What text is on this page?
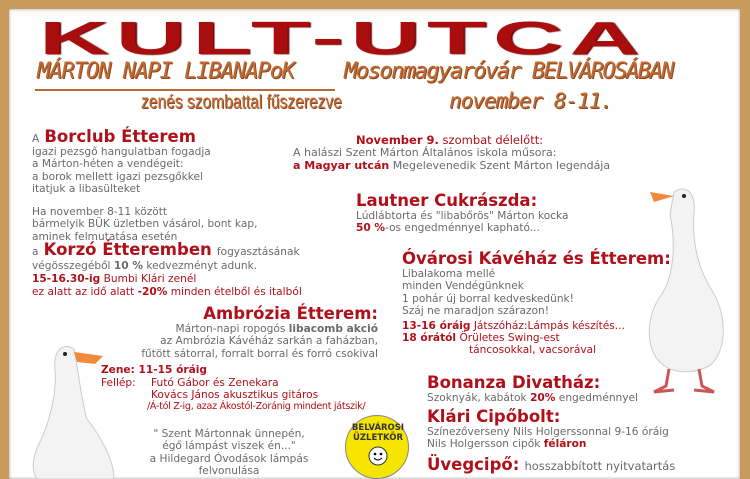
KULT-UTCA
MÁRTON NAPI LIBANAPoK Mosonmagyaróvár BELVÁROSÁBAN
zenés szombattal fűszerezve	november 8-11.
A Borclub Étterem
igazi pezsgő hangulatban fogadja
a Márton-héten a vendégeit:
a borok mellett igazi pezsgőkkel
itatjuk a libasülteket
Ha november 8-11 között
bármelyik BÜK üzletben vásárol, bont kap,
aminek felmutatása esetén
a Korzó Étteremben fogyasztásának
végösszegéből 10 % kedvezményt adunk.
15-16.30-ig Bumbi Klári zenél
ez alatt az idő alatt -20% minden ételből és italból
Ambrózia Étterem:
Márton-napi ropogós libacomb akció
az Ambrózia Kávéház sarkán a faházban,
fűtött sátorral, forralt borral és forró csokival
Zene: 11-15 óráig
Fellép: Futó Gábor és Zenekara
Kovács János akusztikus gitáros
/Á-tól Z-ig, azaz Ákostól-Zoránig mindent játszik/
" Szent Mártonnak ünnepén,
égő lámpást viszek én..."
a Hildegard Óvodások lámpás
felvonulása
November 9. szombat délelőtt:
A halászi Szent Márton Általános iskola műsora:
a Magyar utcán Megelevenedik Szent Márton legendája
Lautner Cukrászda:
Lúdlábtorta és "libabőrös" Márton kocka
50 %-os engedménnyel kapható...
Óvárosi Kávéház és Étterem:
Libalakoma mellé
minden Vendégünknek
1 pohár új borral kedveskedünk!
Száj ne maradjon szárazon!
13-16 óráig Játszóház:Lámpás készítés...
18 órától Örületes Swing-est
táncosokkal, vacsorával
Bonanza Divatház:
Szoknyák, kabátok 20% engedménnyel
Klári Cipőbolt:
Színezőverseny Nils Holgerssonnal 9-16 óráig
Nils Holgersson cipők féláron
Üvegcipő: hosszabbított nyitvatartás
BELVÁROSI ÜZLETKÖR
